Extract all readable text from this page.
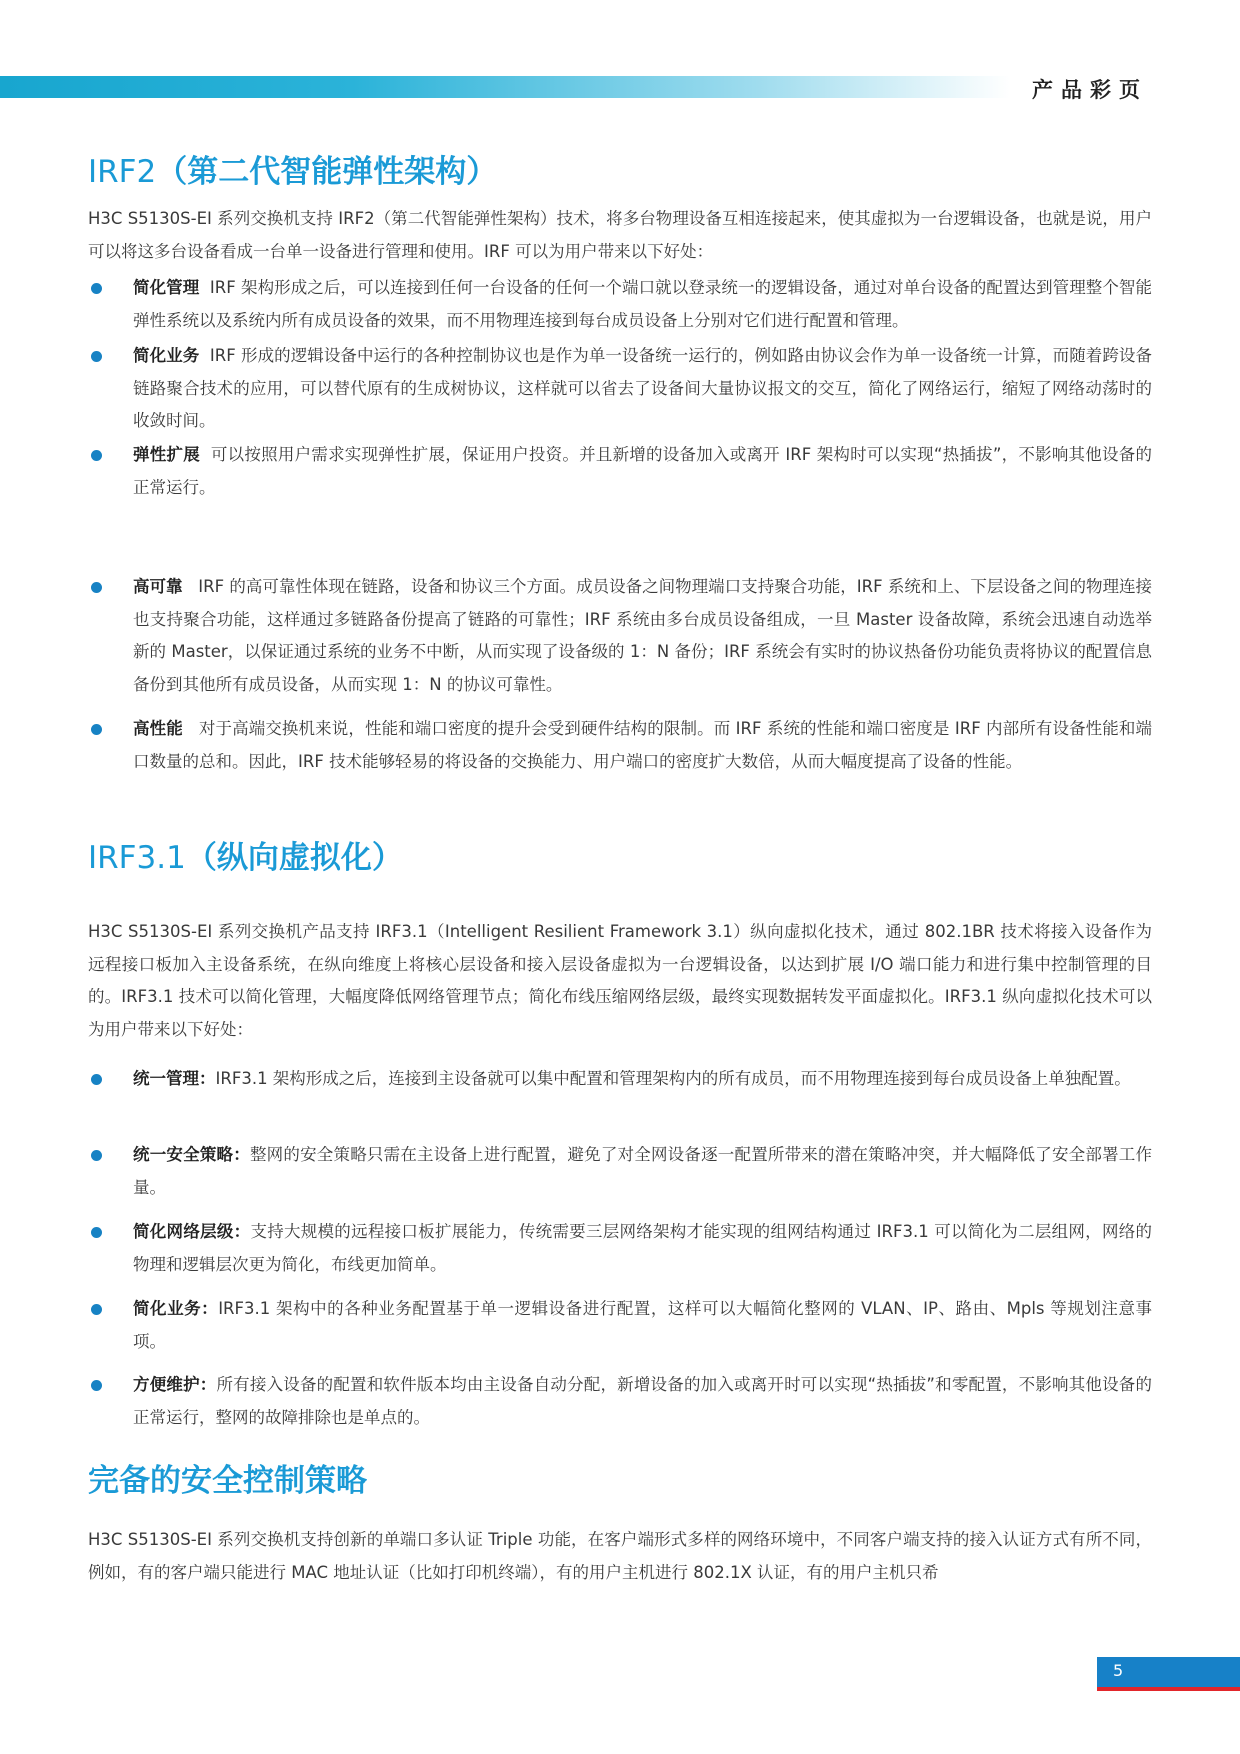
产品彩页
IRF2（第二代智能弹性架构）
H3C S5130S-EI 系列交换机支持 IRF2（第二代智能弹性架构）技术，将多台物理设备互相连接起来，使其虚拟为一台逻辑设备，也就是说，用户可以将这多台设备看成一台单一设备进行管理和使用。IRF 可以为用户带来以下好处：
简化管理 IRF 架构形成之后，可以连接到任何一台设备的任何一个端口就以登录统一的逻辑设备，通过对单台设备的配置达到管理整个智能弹性系统以及系统内所有成员设备的效果，而不用物理连接到每台成员设备上分别对它们进行配置和管理。
简化业务 IRF 形成的逻辑设备中运行的各种控制协议也是作为单一设备统一运行的，例如路由协议会作为单一设备统一计算，而随着跨设备链路聚合技术的应用，可以替代原有的生成树协议，这样就可以省去了设备间大量协议报文的交互，简化了网络运行，缩短了网络动荡时的收敛时间。
弹性扩展 可以按照用户需求实现弹性扩展，保证用户投资。并且新增的设备加入或离开 IRF 架构时可以实现“热插拔”，不影响其他设备的正常运行。
高可靠 IRF 的高可靠性体现在链路，设备和协议三个方面。成员设备之间物理端口支持聚合功能，IRF 系统和上、下层设备之间的物理连接也支持聚合功能，这样通过多链路备份提高了链路的可靠性；IRF 系统由多台成员设备组成，一旦 Master 设备故障，系统会迅速自动选举新的 Master，以保证通过系统的业务不中断，从而实现了设备级的 1：N 备份；IRF 系统会有实时的协议热备份功能负责将协议的配置信息备份到其他所有成员设备，从而实现 1：N 的协议可靠性。
高性能 对于高端交换机来说，性能和端口密度的提升会受到硬件结构的限制。而 IRF 系统的性能和端口密度是 IRF 内部所有设备性能和端口数量的总和。因此，IRF 技术能够轻易的将设备的交换能力、用户端口的密度扩大数倍，从而大幅度提高了设备的性能。
IRF3.1（纵向虚拟化）
H3C S5130S-EI 系列交换机产品支持 IRF3.1（Intelligent Resilient Framework 3.1）纵向虚拟化技术，通过 802.1BR 技术将接入设备作为远程接口板加入主设备系统，在纵向维度上将核心层设备和接入层设备虚拟为一台逻辑设备，以达到扩展 I/O 端口能力和进行集中控制管理的目的。IRF3.1 技术可以简化管理，大幅度降低网络管理节点；简化布线压缩网络层级，最终实现数据转发平面虚拟化。IRF3.1 纵向虚拟化技术可以为用户带来以下好处：
统一管理：IRF3.1 架构形成之后，连接到主设备就可以集中配置和管理架构内的所有成员，而不用物理连接到每台成员设备上单独配置。
统一安全策略：整网的安全策略只需在主设备上进行配置，避免了对全网设备逐一配置所带来的潜在策略冲突，并大幅降低了安全部署工作量。
简化网络层级：支持大规模的远程接口板扩展能力，传统需要三层网络架构才能实现的组网结构通过 IRF3.1 可以简化为二层组网，网络的物理和逻辑层次更为简化，布线更加简单。
简化业务：IRF3.1 架构中的各种业务配置基于单一逻辑设备进行配置，这样可以大幅简化整网的 VLAN、IP、路由、Mpls 等规划注意事项。
方便维护：所有接入设备的配置和软件版本均由主设备自动分配，新增设备的加入或离开时可以实现“热插拔”和零配置，不影响其他设备的正常运行，整网的故障排除也是单点的。
完备的安全控制策略
H3C S5130S-EI 系列交换机支持创新的单端口多认证 Triple 功能，在客户端形式多样的网络环境中，不同客户端支持的接入认证方式有所不同，例如，有的客户端只能进行 MAC 地址认证（比如打印机终端），有的用户主机进行 802.1X 认证，有的用户主机只希
5
